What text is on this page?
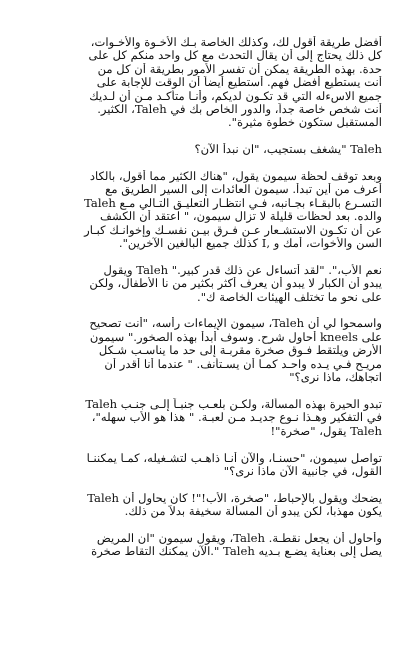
أفضل طريقة أقول لك، وكذلك الخاصة بـك الأخـوة والأخـوات،
كل ذلك يحتاج إلى أن يقال التحدث مع كل واحد منكم كل على
حدة. بهذه الطريقة يمكن أن تفسر الأمور بطريقة أن كل من
أنت يستطيع أفضل فهم. أستطيع أيضاً أن الوقت للإجابة على
جميع الاسءله التي قد تكـون لديكم، وأنـا متأكـد مـن أن لـديك
أنت شخص خاصة جداً، والدور الخاص بك في Taleh، الكثير.
المستقبل ستكون خطوة مثيرة".

Taleh "يشغف بستجيب، "ان نبدأ الآن؟

وبعد توقف لحظة سيمون يقول، "هناك الكثير مما أقول، بالكاد
أعرف من أين تبدأ. سيمون العائدات إلى السير الطريق مع
التسـرع بالبقـاء بجـانبه، فـي انتظـار التعليـق التـالي مـع Taleh
والده. بعد لحظات قليلة لا تزال سيمون، " اعتقد أن الكشف
عن أن تكـون الاستشـعار عـن فـرق بيـن نفسـك وإخوانـك كبـار
السن والأخوات، أمك و ,I كذلك جميع البالغين الآخرين".

نعم الأب،". "لقد أتساءل عن ذلك قدر كبير." Taleh ويقول
يبدو أن الكبار لا يبدو أن يعرف أكثر بكثير من نا الأطفال، ولكن
على نحو ما تختلف الهيئات الخاصة ك".

واسمحوا لي أن Taleh، سيمون الإيماءات رأسه، "أنت تصحيح
على kneels أحاول شرح. وسوف أبدأ بهذه الصخور." سيمون
الأرض ويلتقط فـوق صخرة مقربـة إلى حد ما يناسـب شـكل
مريـح فـي يـده واحـد كمـا أن يسـتأنف. " عندما أنا أقدر أن
اتجاهك، ماذا نرى؟"

تبدو الحيرة بهذه المسألة، ولكـن بلعـب جنبـاً إلـى جنـب Taleh
في التفكير وهـذا نـوع جديـد مـن لعبـة. " هذا هو الأب سهله"،
Taleh يقول، "صخرة"!

تواصل سيمون، "حسنـا، والآن أنـا ذاهـب لتشـغيله، كمـا يمكننـا
القول، في جانبية الآن ماذا نرى؟"

يضحك ويقول بالإحباط، "صخرة، الأب!"! كان يحاول أن Taleh
يكون مهذبا، لكن يبدو أن المسألة سخيفة بدلاً من ذلك.

وأحاول أن يجعل نقطـة. Taleh، ويقول سيمون "ان المريض
يصل إلى بعناية يضـع بـديه Taleh ".الآن يمكنك التقاط صخرة
